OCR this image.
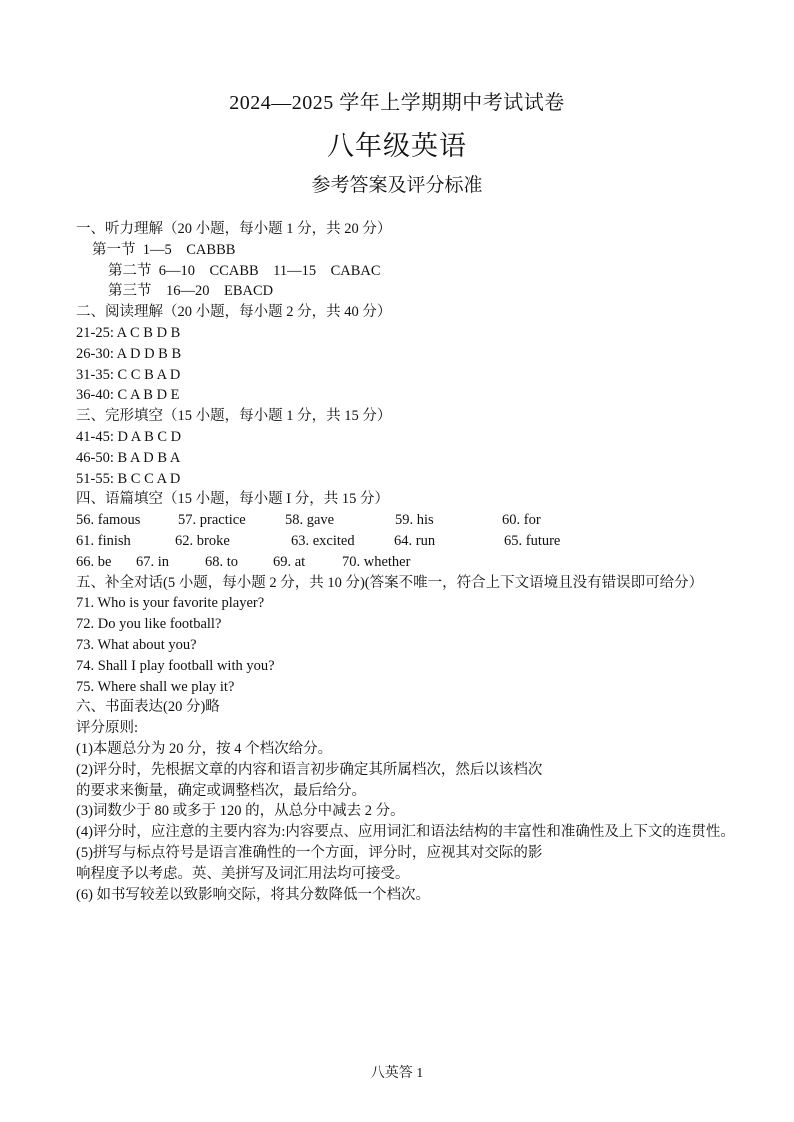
2024—2025 学年上学期期中考试试卷
八年级英语
参考答案及评分标准
一、听力理解（20 小题，每小题 1 分，共 20 分）
第一节  1—5    CABBB
第二节  6—10    CCABB    11—15    CABAC
第三节    16—20    EBACD
二、阅读理解（20 小题，每小题 2 分，共 40 分）
21-25: A C B D B
26-30: A D D B B
31-35: C C B A D
36-40: C A B D E
三、完形填空（15 小题，每小题 1 分，共 15 分）
41-45: D A B C D
46-50: B A D B A
51-55: B C C A D
四、语篇填空（15 小题，每小题 I 分，共 15 分）
56. famous	57. practice	58. gave	59. his	60. for
61. finish	62. broke	63. excited	64. run	65. future
66. be	67. in	68. to	69. at	70. whether
五、补全对话(5 小题，每小题 2 分，共 10 分)(答案不唯一，符合上下文语境且没有错误即可给分）
71. Who is your favorite player?
72. Do you like football?
73. What about you?
74. Shall I play football with you?
75. Where shall we play it?
六、书面表达(20 分)略
评分原则:
(1)本题总分为 20 分，按 4 个档次给分。
(2)评分时，先根据文章的内容和语言初步确定其所属档次，然后以该档次
的要求来衡量，确定或调整档次，最后给分。
(3)词数少于 80 或多于 120 的，从总分中减去 2 分。
(4)评分时，应注意的主要内容为:内容要点、应用词汇和语法结构的丰富性和准确性及上下文的连贯性。
(5)拼写与标点符号是语言准确性的一个方面，评分时，应视其对交际的影
响程度予以考虑。英、美拼写及词汇用法均可接受。
(6) 如书写较差以致影响交际，将其分数降低一个档次。
八英答 1
